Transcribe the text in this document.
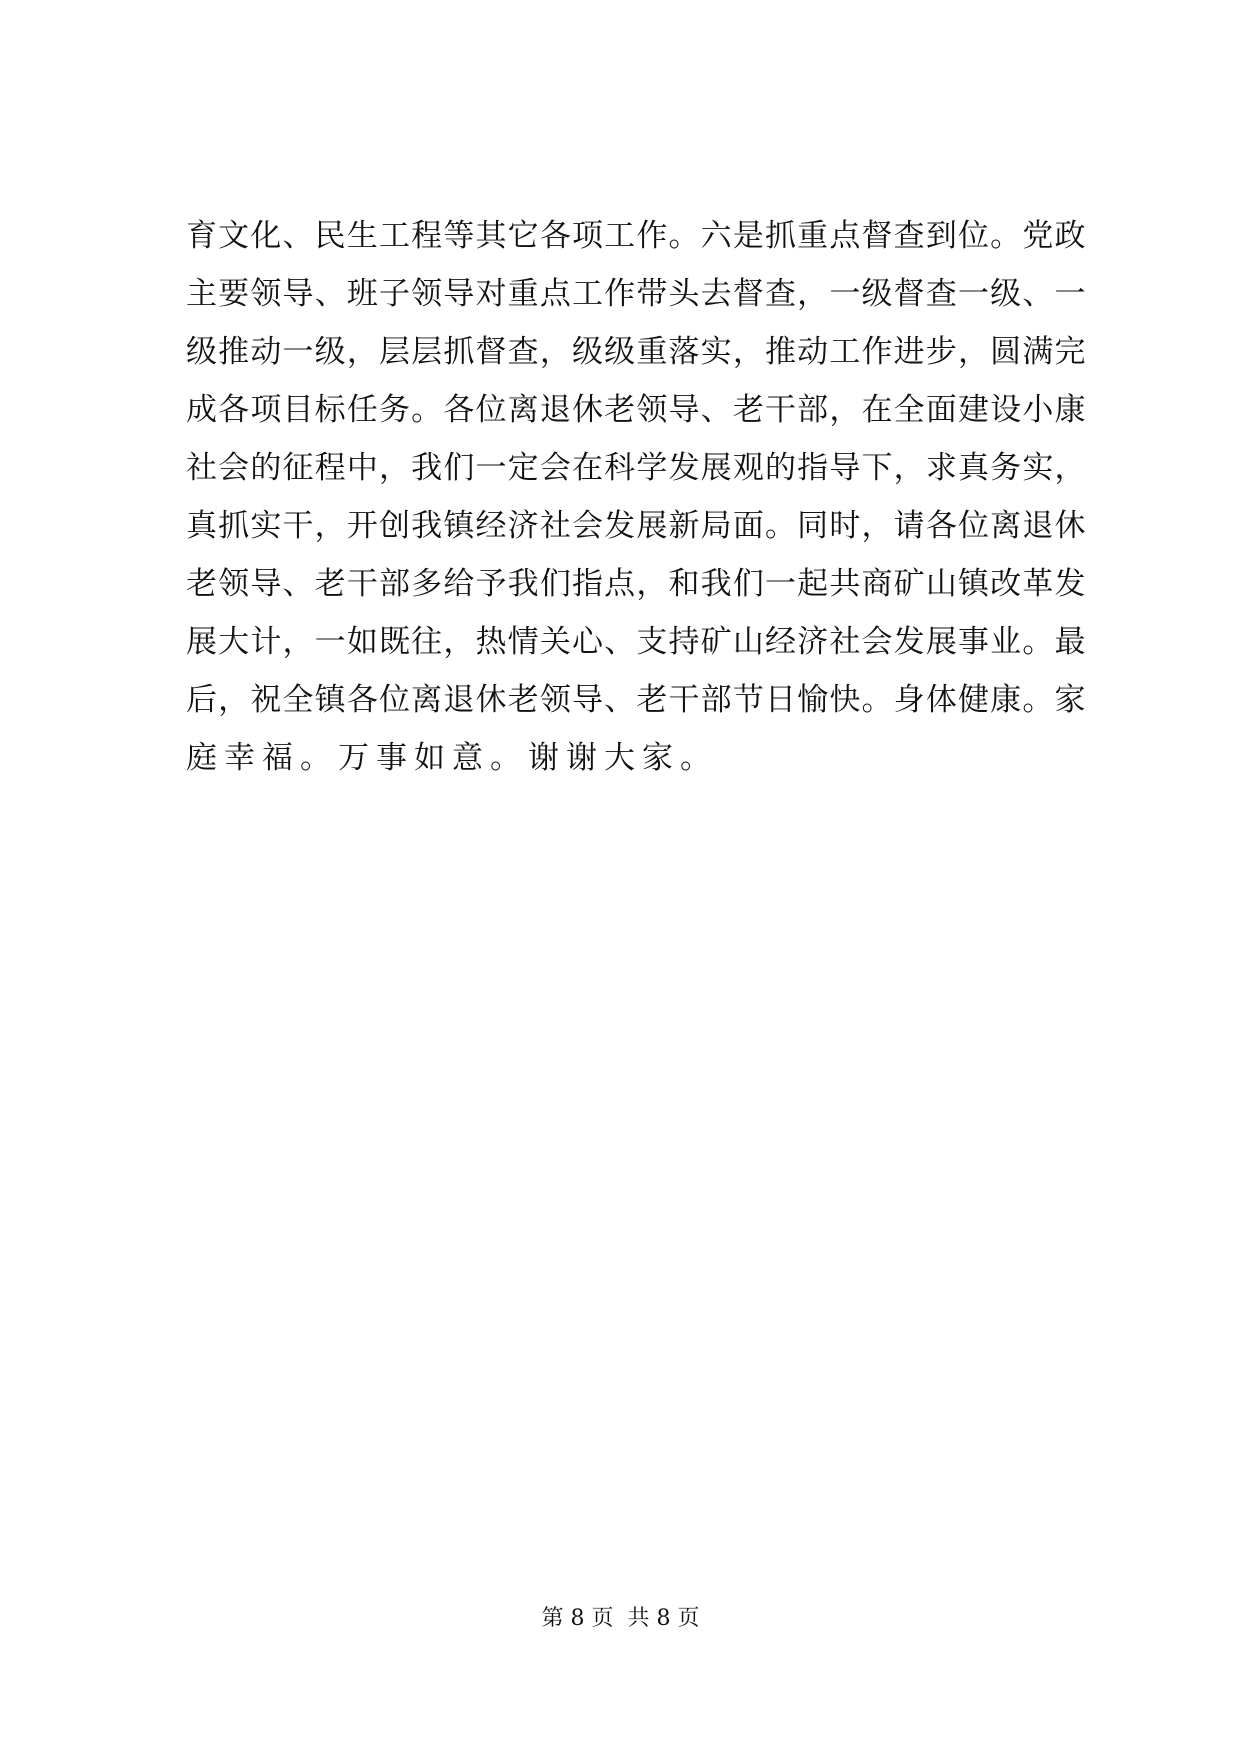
育文化、民生工程等其它各项工作。六是抓重点督查到位。党政
主要领导、班子领导对重点工作带头去督查，一级督查一级、一
级推动一级，层层抓督查，级级重落实，推动工作进步，圆满完
成各项目标任务。各位离退休老领导、老干部，在全面建设小康
社会的征程中，我们一定会在科学发展观的指导下，求真务实，
真抓实干，开创我镇经济社会发展新局面。同时，请各位离退休
老领导、老干部多给予我们指点，和我们一起共商矿山镇改革发
展大计，一如既往，热情关心、支持矿山经济社会发展事业。最
后，祝全镇各位离退休老领导、老干部节日愉快。身体健康。家
庭幸福。万事如意。谢谢大家。
第 8 页 共 8 页
